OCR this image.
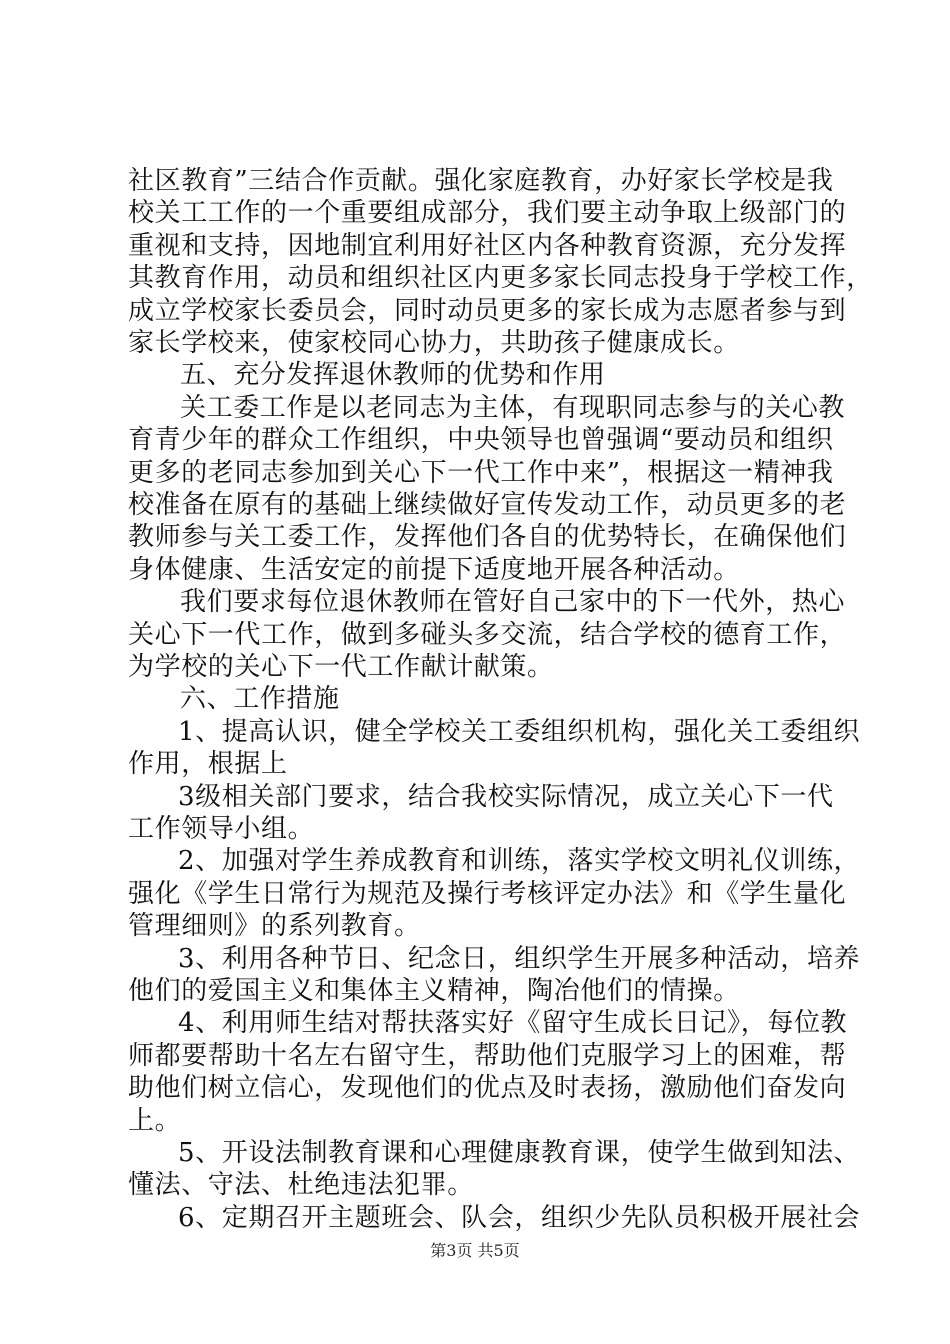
社区教育”三结合作贡献。强化家庭教育，办好家长学校是我
校关工工作的一个重要组成部分，我们要主动争取上级部门的
重视和支持，因地制宜利用好社区内各种教育资源，充分发挥
其教育作用，动员和组织社区内更多家长同志投身于学校工作，
成立学校家长委员会，同时动员更多的家长成为志愿者参与到
家长学校来，使家校同心协力，共助孩子健康成长。
五、充分发挥退休教师的优势和作用
关工委工作是以老同志为主体，有现职同志参与的关心教
育青少年的群众工作组织，中央领导也曾强调“要动员和组织
更多的老同志参加到关心下一代工作中来”，根据这一精神我
校准备在原有的基础上继续做好宣传发动工作，动员更多的老
教师参与关工委工作，发挥他们各自的优势特长，在确保他们
身体健康、生活安定的前提下适度地开展各种活动。
我们要求每位退休教师在管好自己家中的下一代外，热心
关心下一代工作，做到多碰头多交流，结合学校的德育工作，
为学校的关心下一代工作献计献策。
六、工作措施
1、提高认识，健全学校关工委组织机构，强化关工委组织
作用，根据上
3级相关部门要求，结合我校实际情况，成立关心下一代
工作领导小组。
2、加强对学生养成教育和训练，落实学校文明礼仪训练，
强化《学生日常行为规范及操行考核评定办法》和《学生量化
管理细则》的系列教育。
3、利用各种节日、纪念日，组织学生开展多种活动，培养
他们的爱国主义和集体主义精神，陶冶他们的情操。
4、利用师生结对帮扶落实好《留守生成长日记》，每位教
师都要帮助十名左右留守生，帮助他们克服学习上的困难，帮
助他们树立信心，发现他们的优点及时表扬，激励他们奋发向
上。
5、开设法制教育课和心理健康教育课，使学生做到知法、
懂法、守法、杜绝违法犯罪。
6、定期召开主题班会、队会，组织少先队员积极开展社会
第3页 共5页
